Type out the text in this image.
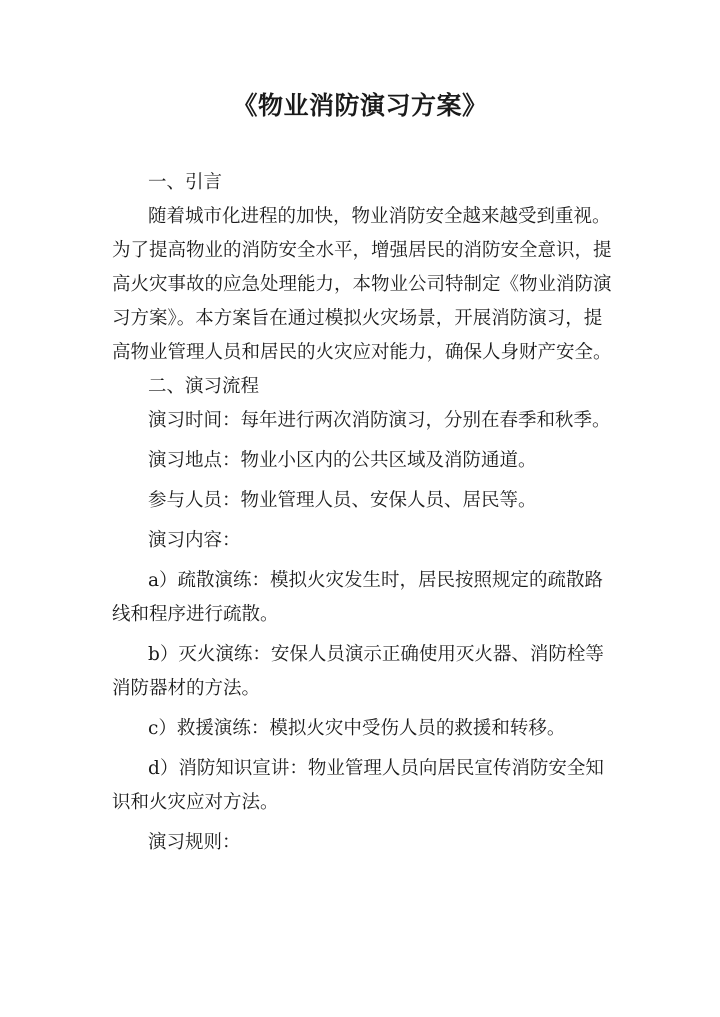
《物业消防演习方案》

一、引言

随着城市化进程的加快，物业消防安全越来越受到重视。为了提高物业的消防安全水平，增强居民的消防安全意识，提高火灾事故的应急处理能力，本物业公司特制定《物业消防演习方案》。本方案旨在通过模拟火灾场景，开展消防演习，提高物业管理人员和居民的火灾应对能力，确保人身财产安全。

二、演习流程

演习时间：每年进行两次消防演习，分别在春季和秋季。

演习地点：物业小区内的公共区域及消防通道。

参与人员：物业管理人员、安保人员、居民等。

演习内容：

a）疏散演练：模拟火灾发生时，居民按照规定的疏散路线和程序进行疏散。

b）灭火演练：安保人员演示正确使用灭火器、消防栓等消防器材的方法。

c）救援演练：模拟火灾中受伤人员的救援和转移。

d）消防知识宣讲：物业管理人员向居民宣传消防安全知识和火灾应对方法。

演习规则：
